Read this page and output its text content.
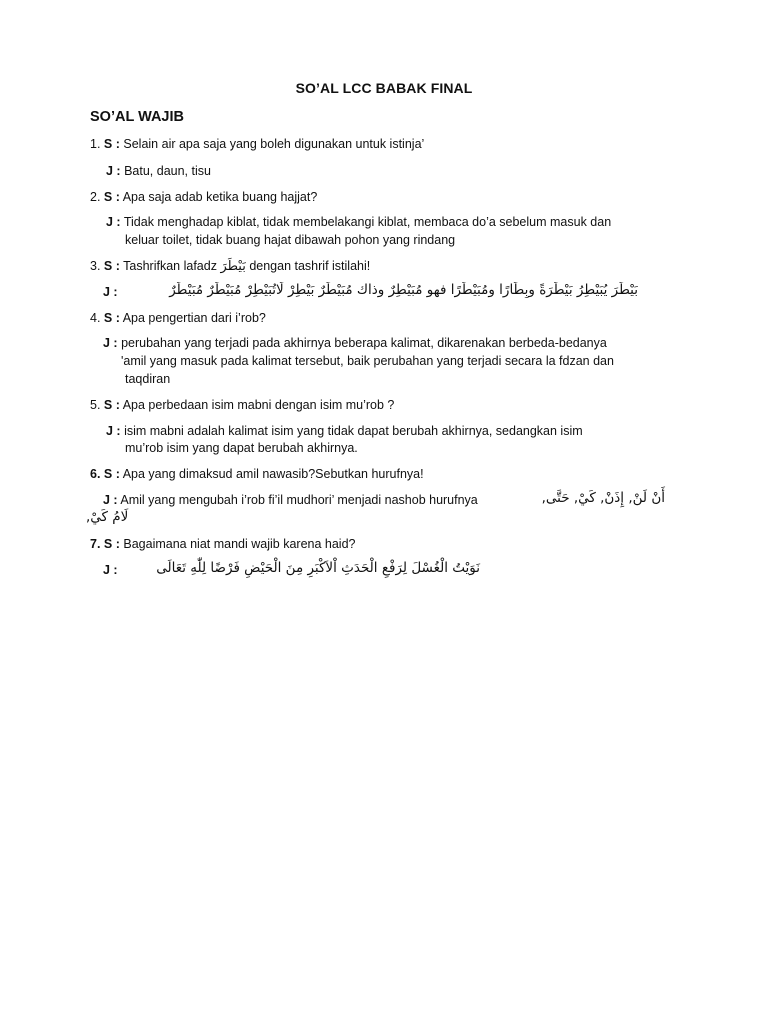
SO’AL LCC BABAK FINAL
SO’AL WAJIB
1. S : Selain air apa saja yang boleh digunakan untuk istinja’
J : Batu, daun, tisu
2. S : Apa saja adab ketika buang hajjat?
J : Tidak menghadap kiblat, tidak membelakangi kiblat, membaca do’a sebelum masuk dan
keluar toilet, tidak buang hajat dibawah pohon yang rindang
3. S : Tashrifkan lafadz بَيْطَرَ dengan tashrif istilahi!
J :	بَيْطَرَ يُبَيْطِرُ بَيْطَرَةً وبِطَارًا ومُبَيْطَرًا فهو مُبَيْطِرٌ وذاك مُبَيْطَرٌ بَيْطِرْ لَاتُبَيْطِرْ مُبَيْطَرٌ مُبَيْطَرٌ
4. S : Apa pengertian dari i’rob?
J : perubahan yang terjadi pada akhirnya beberapa kalimat, dikarenakan berbeda-bedanya
'amil yang masuk pada kalimat tersebut, baik perubahan yang terjadi secara la fdzan dan
taqdiran
5. S : Apa perbedaan isim mabni dengan isim mu’rob ?
J : isim mabni adalah kalimat isim yang tidak dapat berubah akhirnya, sedangkan isim
mu’rob isim yang dapat berubah akhirnya.
6. S : Apa yang dimaksud amil nawasib?Sebutkan hurufnya!
J : Amil yang mengubah i’rob fi’il mudhori’ menjadi nashob hurufnya	أَنْ لَنْ, إِذَنْ, كَيْ, حَتَّى,
لَامُ كَيْ,
7. S : Bagaimana niat mandi wajib karena haid?
J :	نَوَيْتُ الْغُسْلَ لِرَفْعِ الْحَدَثِ اْلاَكْبَرِ مِنَ الْحَيْضِ فَرْضًا لِلّٰهِ تَعَالَى
